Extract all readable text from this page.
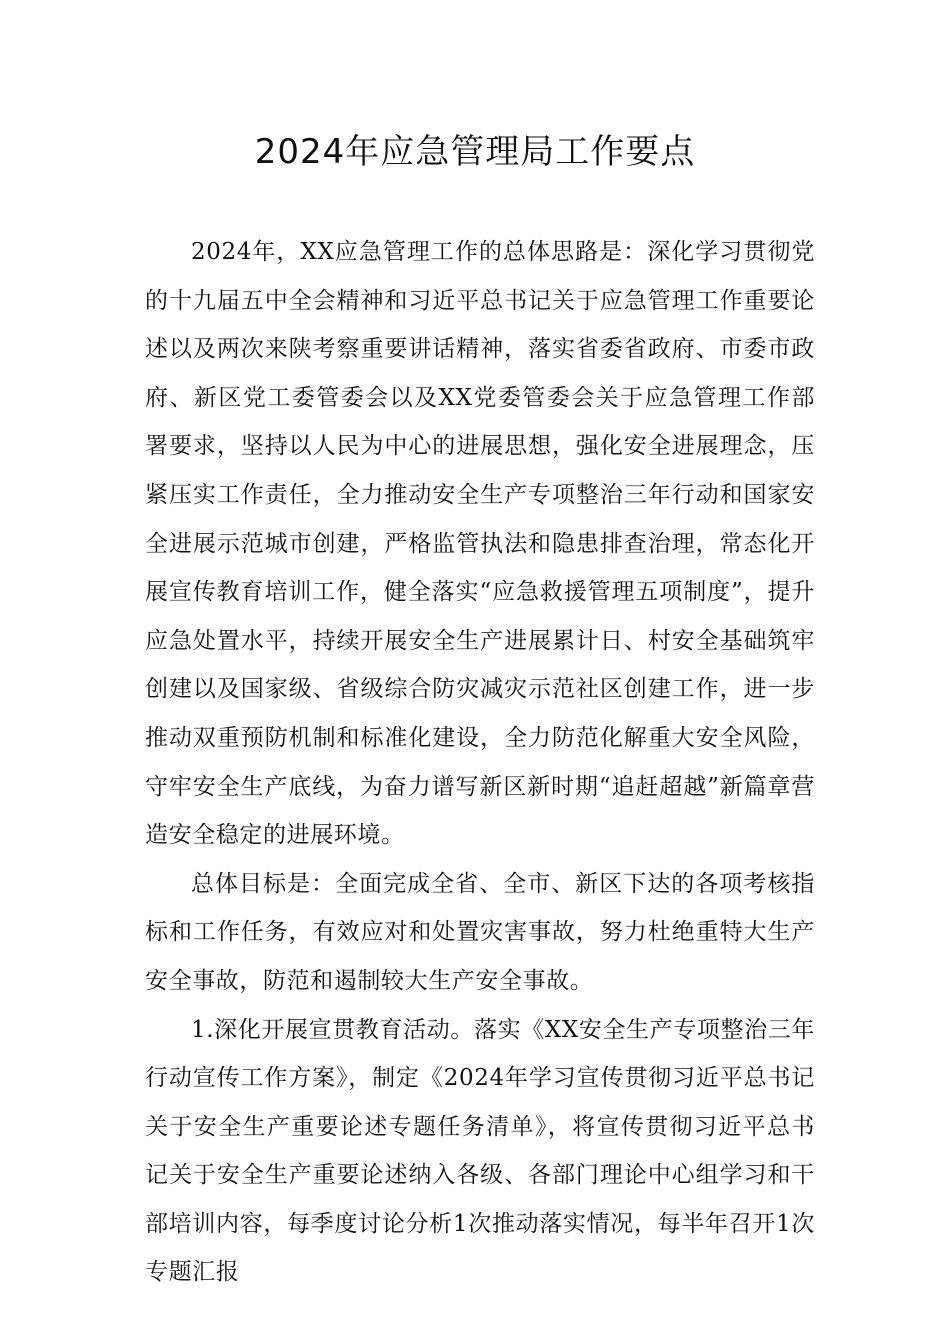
2024年应急管理局工作要点

2024年，XX应急管理工作的总体思路是：深化学习贯彻党的十九届五中全会精神和习近平总书记关于应急管理工作重要论述以及两次来陕考察重要讲话精神，落实省委省政府、市委市政府、新区党工委管委会以及XX党委管委会关于应急管理工作部署要求，坚持以人民为中心的进展思想，强化安全进展理念，压紧压实工作责任，全力推动安全生产专项整治三年行动和国家安全进展示范城市创建，严格监管执法和隐患排查治理，常态化开展宣传教育培训工作，健全落实“应急救援管理五项制度”，提升应急处置水平，持续开展安全生产进展累计日、村安全基础筑牢创建以及国家级、省级综合防灾减灾示范社区创建工作，进一步推动双重预防机制和标准化建设，全力防范化解重大安全风险，守牢安全生产底线，为奋力谱写新区新时期“追赶超越”新篇章营造安全稳定的进展环境。

总体目标是：全面完成全省、全市、新区下达的各项考核指标和工作任务，有效应对和处置灾害事故，努力杜绝重特大生产安全事故，防范和遏制较大生产安全事故。

1.深化开展宣贯教育活动。落实《XX安全生产专项整治三年行动宣传工作方案》，制定《2024年学习宣传贯彻习近平总书记关于安全生产重要论述专题任务清单》，将宣传贯彻习近平总书记关于安全生产重要论述纳入各级、各部门理论中心组学习和干部培训内容，每季度讨论分析1次推动落实情况，每半年召开1次专题汇报
